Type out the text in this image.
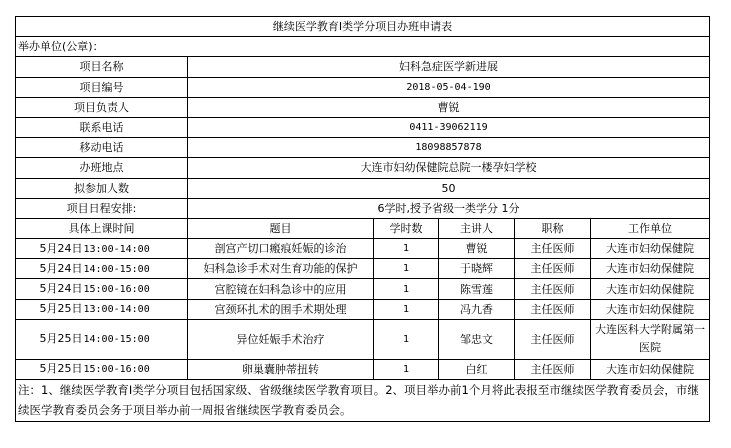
继续医学教育I类学分项目办班申请表					
举办单位(公章)：					
项目名称	妇科急症医学新进展				
项目编号	2018-05-04-190				
项目负责人	曹锐				
联系电话	0411-39062119				
移动电话	18098857878				
办班地点	大连市妇幼保健院总院一楼孕妇学校				
拟参加人数	50				
项目日程安排:	6学时,授予省级一类学分 1分				
具体上课时间	题目	学时数	主讲人	职称	工作单位
5月24日13:00-14:00	剖宫产切口瘢痕妊娠的诊治	1	曹锐	主任医师	大连市妇幼保健院
5月24日14:00-15:00	妇科急诊手术对生育功能的保护	1	于晓辉	主任医师	大连市妇幼保健院
5月24日15:00-16:00	宫腔镜在妇科急诊中的应用	1	陈雪莲	主任医师	大连市妇幼保健院
5月25日13:00-14:00	宫颈环扎术的围手术期处理	1	冯九香	主任医师	大连市妇幼保健院
5月25日14:00-15:00	异位妊娠手术治疗	1	邹忠文	主任医师	大连医科大学附属第一医院
5月25日15:00-16:00	卵巢囊肿蒂扭转	1	白红	主任医师	大连市妇幼保健院
注：1、继续医学教育I类学分项目包括国家级、省级继续医学教育项目。2、项目举办前1个月将此表报至市继续医学教育委员会，市继续医学教育委员会务于项目举办前一周报省继续医学教育委员会。					
